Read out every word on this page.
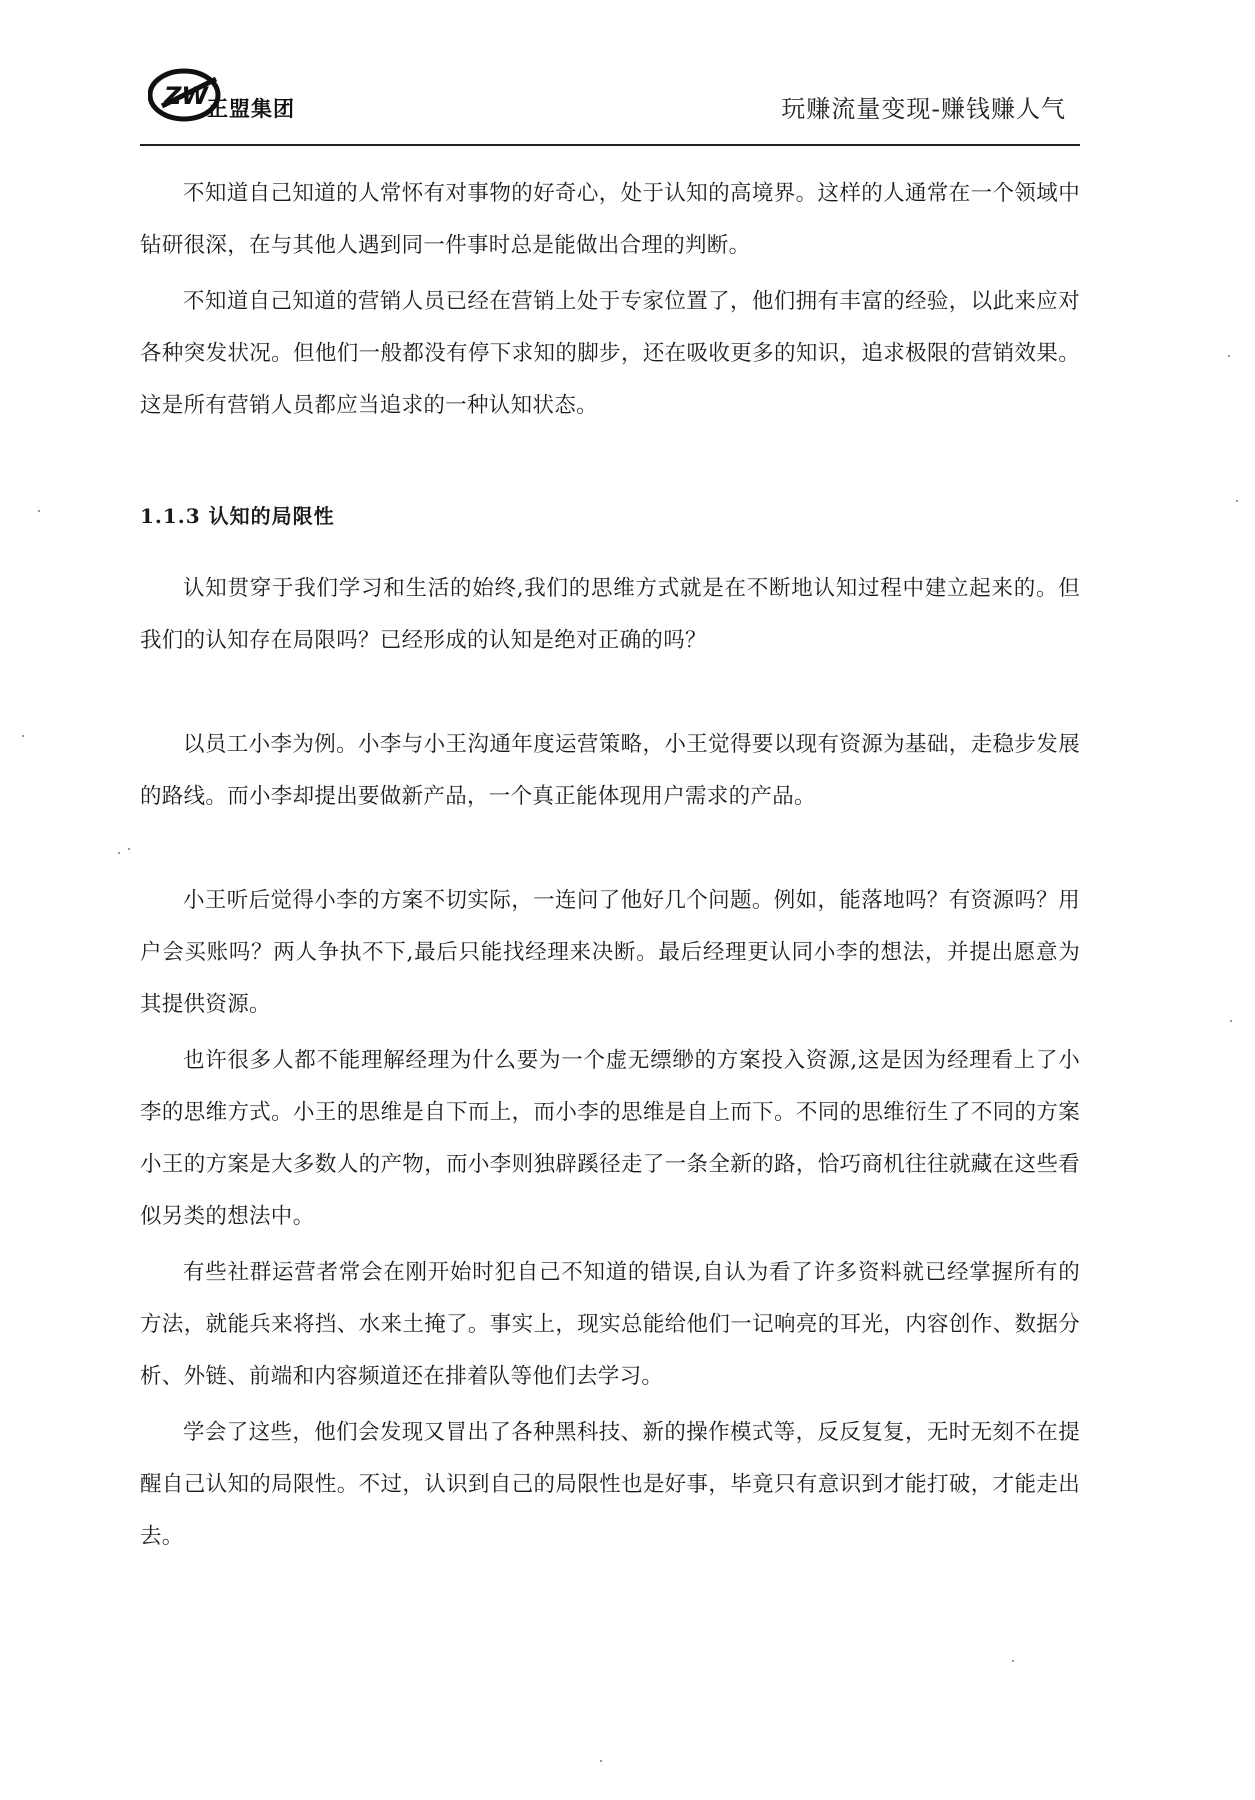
ZW 正盟集团	玩赚流量变现-赚钱赚人气

不知道自己知道的人常怀有对事物的好奇心，处于认知的高境界。这样的人通常在一个领域中钻研很深，在与其他人遇到同一件事时总是能做出合理的判断。

不知道自己知道的营销人员已经在营销上处于专家位置了，他们拥有丰富的经验，以此来应对各种突发状况。但他们一般都没有停下求知的脚步，还在吸收更多的知识，追求极限的营销效果。这是所有营销人员都应当追求的一种认知状态。

1.1.3 认知的局限性

认知贯穿于我们学习和生活的始终,我们的思维方式就是在不断地认知过程中建立起来的。但我们的认知存在局限吗？已经形成的认知是绝对正确的吗？

以员工小李为例。小李与小王沟通年度运营策略，小王觉得要以现有资源为基础，走稳步发展的路线。而小李却提出要做新产品，一个真正能体现用户需求的产品。

小王听后觉得小李的方案不切实际，一连问了他好几个问题。例如，能落地吗？有资源吗？用户会买账吗？两人争执不下,最后只能找经理来决断。最后经理更认同小李的想法，并提出愿意为其提供资源。

也许很多人都不能理解经理为什么要为一个虚无缥缈的方案投入资源,这是因为经理看上了小李的思维方式。小王的思维是自下而上，而小李的思维是自上而下。不同的思维衍生了不同的方案小王的方案是大多数人的产物，而小李则独辟蹊径走了一条全新的路，恰巧商机往往就藏在这些看似另类的想法中。

有些社群运营者常会在刚开始时犯自己不知道的错误,自认为看了许多资料就已经掌握所有的方法，就能兵来将挡、水来土掩了。事实上，现实总能给他们一记响亮的耳光，内容创作、数据分析、外链、前端和内容频道还在排着队等他们去学习。

学会了这些，他们会发现又冒出了各种黑科技、新的操作模式等，反反复复，无时无刻不在提醒自己认知的局限性。不过，认识到自己的局限性也是好事，毕竟只有意识到才能打破，才能走出去。
